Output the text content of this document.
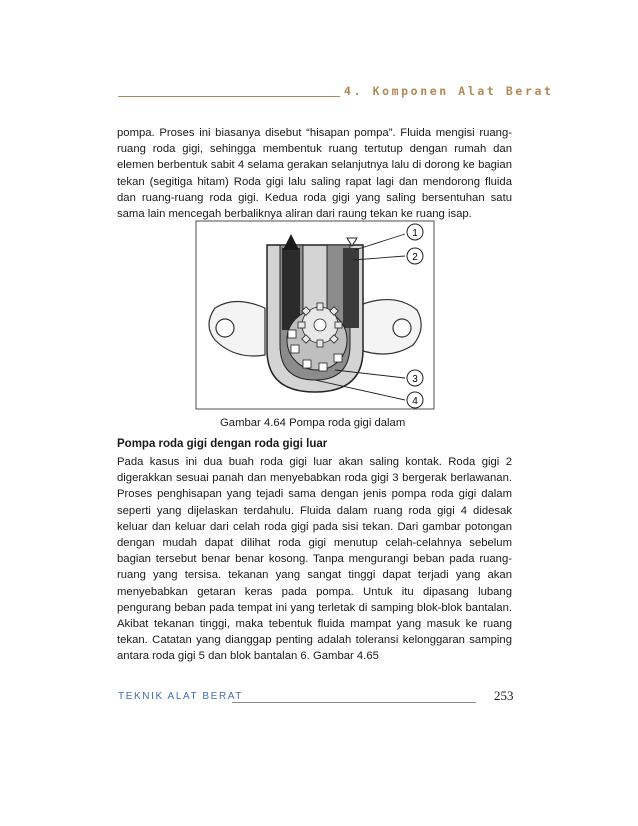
4. Komponen Alat Berat

pompa. Proses ini biasanya disebut “hisapan pompa”. Fluida mengisi ruang-ruang roda gigi, sehingga membentuk ruang tertutup dengan rumah dan elemen berbentuk sabit 4 selama gerakan selanjutnya lalu di dorong ke bagian tekan (segitiga hitam) Roda gigi lalu saling rapat lagi dan mendorong fluida dan ruang-ruang roda gigi. Kedua roda gigi yang saling bersentuhan satu sama lain mencegah berbaliknya aliran dari raung tekan ke ruang isap.

1
2
3
4
Gambar 4.64 Pompa roda gigi dalam
Pompa roda gigi dengan roda gigi luar

Pada kasus ini dua buah roda gigi luar akan saling kontak. Roda gigi 2 digerakkan sesuai panah dan menyebabkan roda gigi 3 bergerak berlawanan. Proses penghisapan yang tejadi sama dengan jenis pompa roda gigi dalam seperti yang dijelaskan terdahulu. Fluida dalam ruang roda gigi 4 didesak keluar dan keluar dari celah roda gigi pada sisi tekan. Dari gambar potongan dengan mudah dapat dilihat roda gigi menutup celah-celahnya sebelum bagian tersebut benar benar kosong. Tanpa mengurangi beban pada ruang-ruang yang tersisa. tekanan yang sangat tinggi dapat terjadi yang akan menyebabkan getaran keras pada pompa. Untuk itu dipasang lubang pengurang beban pada tempat ini yang terletak di samping blok-blok bantalan. Akibat tekanan tinggi, maka tebentuk fluida mampat yang masuk ke ruang tekan. Catatan yang dianggap penting adalah toleransi kelonggaran samping antara roda gigi 5 dan blok bantalan 6. Gambar 4.65

TEKNIK ALAT BERAT	253
